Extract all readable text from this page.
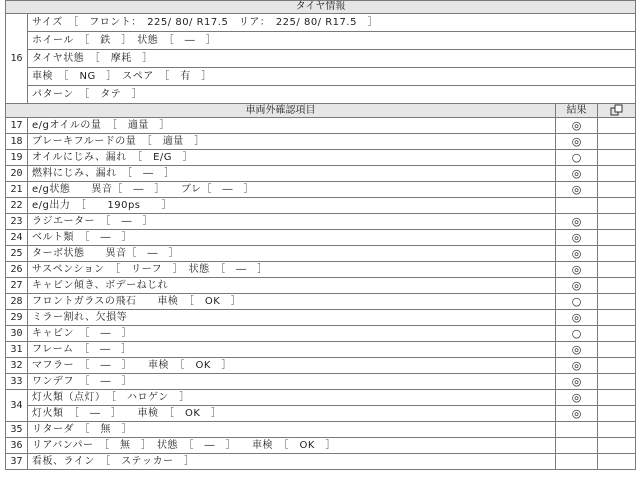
タイヤ情報			
16	サイズ　［　フロント：　225/ 80/ R17.5　リア：　225/ 80/ R17.5　］		
	ホイール　［　鉄　］　状態　［　―　］		
	タイヤ状態　［　摩耗　］		
	車検　［　NG　］　スペア　［　有　］		
	パターン　［　タテ　］		
車両外確認項目		結果	
17	e/gオイルの量　［　適量　］	◎	
18	ブレーキフルードの量　［　適量　］	◎	
19	オイルにじみ、漏れ　［　E/G　］	○	
20	燃料にじみ、漏れ　［　―　］	◎	
21	e/g状態　　異音［　―　］　　ブレ［　―　］	◎	
22	e/g出力　［　　190ps　　］		
23	ラジエーター　［　―　］	◎	
24	ベルト類　［　―　］	◎	
25	ターボ状態　　異音［　―　］	◎	
26	サスペンション　［　リーフ　］　状態　［　―　］	◎	
27	キャビン傾き、ボデーねじれ	◎	
28	フロントガラスの飛石　　車検　［　OK　］	○	
29	ミラー割れ、欠損等	◎	
30	キャビン　［　―　］	○	
31	フレーム　［　―　］	◎	
32	マフラー　［　―　］　　車検　［　OK　］	◎	
33	ワンデフ　［　―　］	◎	
34	灯火類（点灯）　［　ハロゲン　］	◎	
	灯火類　［　―　］　　車検　［　OK　］	◎	
35	リターダ　［　無　］		
36	リアバンパー　［　無　］　状態　［　―　］　　車検　［　OK　］		
37	看板、ライン　［　ステッカー　］		
